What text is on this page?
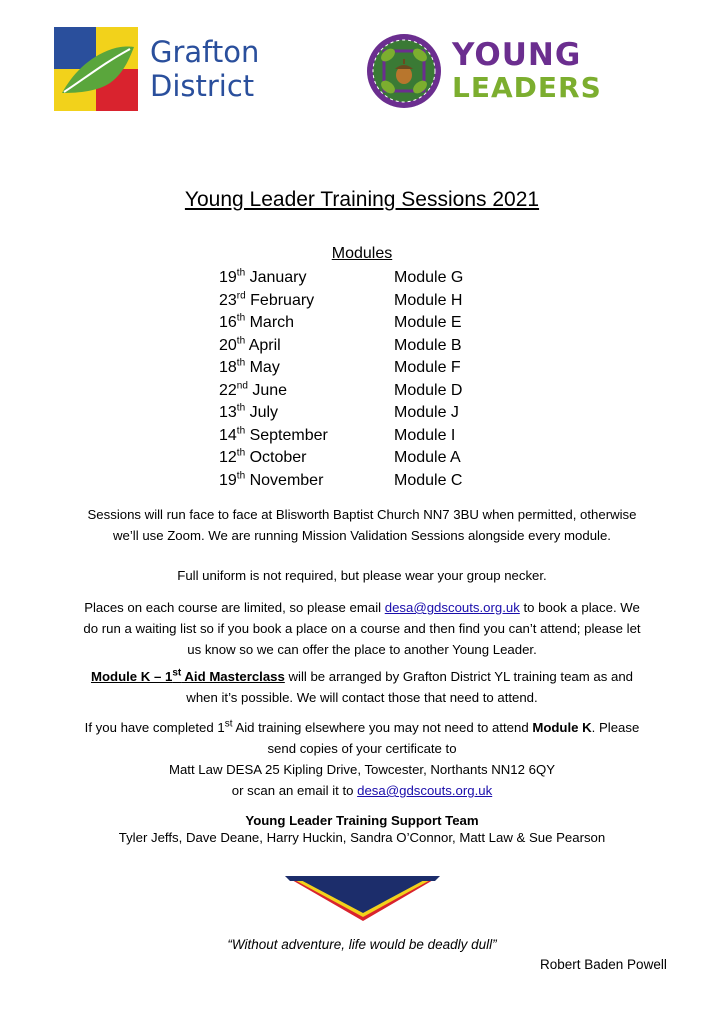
Grafton
District
YOUNG
LEADERS
Young Leader Training Sessions 2021
Modules
19th January	Module G
23rd February	Module H
16th March	Module E
20th April	Module B
18th May	Module F
22nd June	Module D
13th July	Module J
14th September	Module I
12th October	Module A
19th November	Module C
Sessions will run face to face at Blisworth Baptist Church NN7 3BU when permitted, otherwise
we’ll use Zoom. We are running Mission Validation Sessions alongside every module.
Full uniform is not required, but please wear your group necker.
Places on each course are limited, so please email desa@gdscouts.org.uk to book a place. We
do run a waiting list so if you book a place on a course and then find you can’t attend; please let
us know so we can offer the place to another Young Leader.
Module K – 1st Aid Masterclass will be arranged by Grafton District YL training team as and
when it’s possible. We will contact those that need to attend.
If you have completed 1st Aid training elsewhere you may not need to attend Module K. Please
send copies of your certificate to
Matt Law DESA 25 Kipling Drive, Towcester, Northants NN12 6QY
or scan an email it to desa@gdscouts.org.uk
Young Leader Training Support Team
Tyler Jeffs, Dave Deane, Harry Huckin, Sandra O’Connor, Matt Law & Sue Pearson
“Without adventure, life would be deadly dull”
Robert Baden Powell
